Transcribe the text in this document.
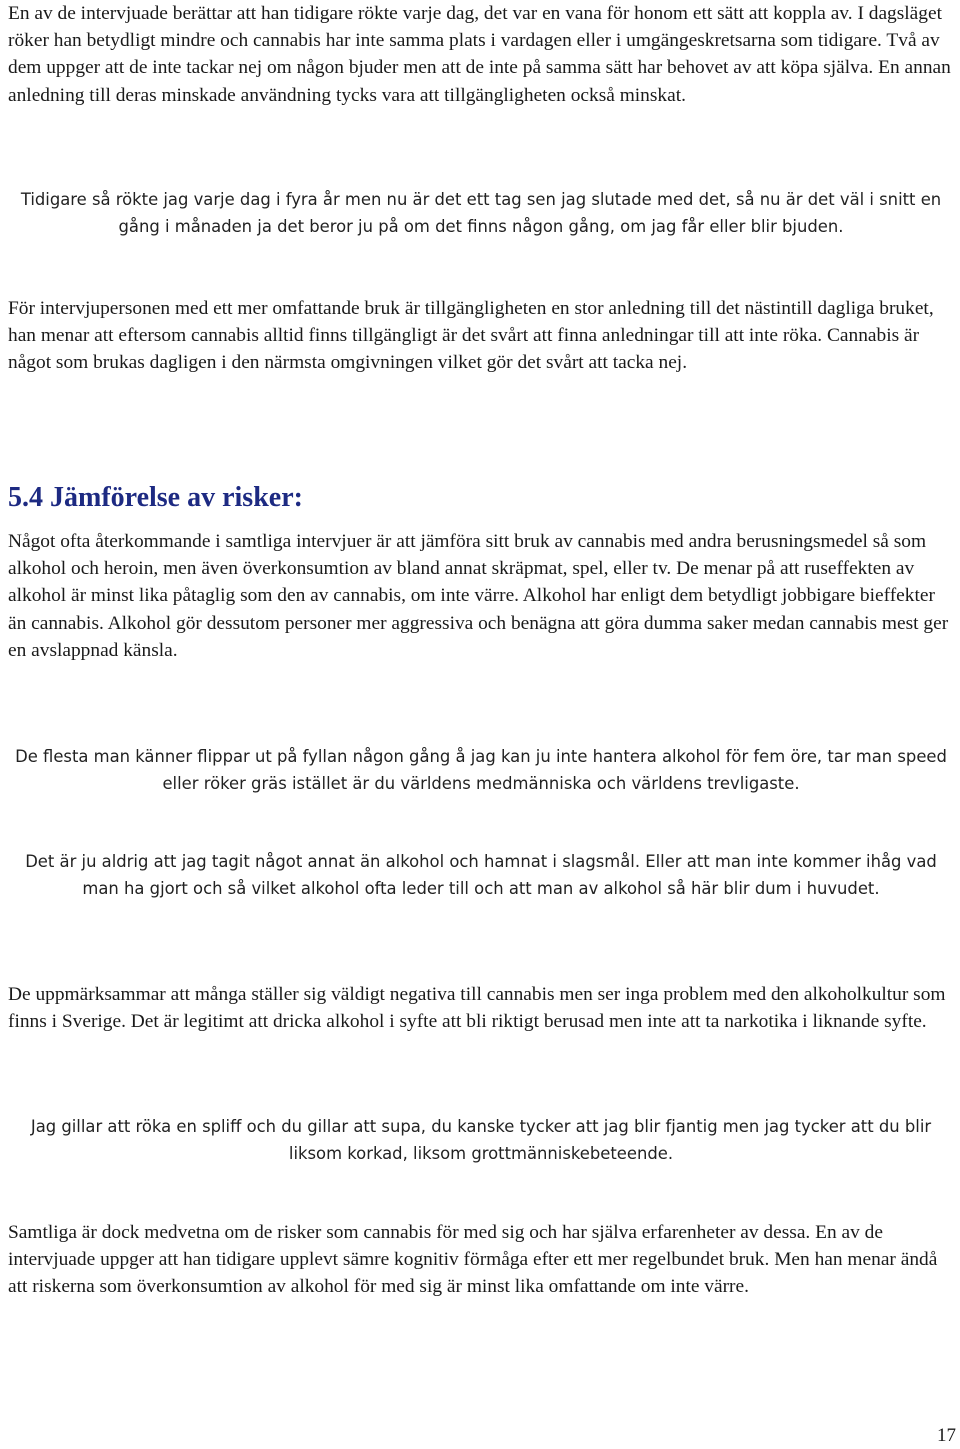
En av de intervjuade berättar att han tidigare rökte varje dag, det var en vana för honom ett sätt att koppla av. I dagsläget röker han betydligt mindre och cannabis har inte samma plats i vardagen eller i umgängeskretsarna som tidigare. Två av dem uppger att de inte tackar nej om någon bjuder men att de inte på samma sätt har behovet av att köpa själva. En annan anledning till deras minskade användning tycks vara att tillgängligheten också minskat.

Tidigare så rökte jag varje dag i fyra år men nu är det ett tag sen jag slutade med det, så nu är det väl i snitt en gång i månaden ja det beror ju på om det finns någon gång, om jag får eller blir bjuden.

För intervjupersonen med ett mer omfattande bruk är tillgängligheten en stor anledning till det nästintill dagliga bruket, han menar att eftersom cannabis alltid finns tillgängligt är det svårt att finna anledningar till att inte röka. Cannabis är något som brukas dagligen i den närmsta omgivningen vilket gör det svårt att tacka nej.

5.4 Jämförelse av risker:

Något ofta återkommande i samtliga intervjuer är att jämföra sitt bruk av cannabis med andra berusningsmedel så som alkohol och heroin, men även överkonsumtion av bland annat skräpmat, spel, eller tv. De menar på att ruseffekten av alkohol är minst lika påtaglig som den av cannabis, om inte värre. Alkohol har enligt dem betydligt jobbigare bieffekter än cannabis. Alkohol gör dessutom personer mer aggressiva och benägna att göra dumma saker medan cannabis mest ger en avslappnad känsla.

De flesta man känner flippar ut på fyllan någon gång å jag kan ju inte hantera alkohol för fem öre, tar man speed eller röker gräs istället är du världens medmänniska och världens trevligaste.

Det är ju aldrig att jag tagit något annat än alkohol och hamnat i slagsmål. Eller att man inte kommer ihåg vad man ha gjort och så vilket alkohol ofta leder till och att man av alkohol så här blir dum i huvudet.

De uppmärksammar att många ställer sig väldigt negativa till cannabis men ser inga problem med den alkoholkultur som finns i Sverige. Det är legitimt att dricka alkohol i syfte att bli riktigt berusad men inte att ta narkotika i liknande syfte.

Jag gillar att röka en spliff och du gillar att supa, du kanske tycker att jag blir fjantig men jag tycker att du blir liksom korkad, liksom grottmänniskebeteende.

Samtliga är dock medvetna om de risker som cannabis för med sig och har själva erfarenheter av dessa. En av de intervjuade uppger att han tidigare upplevt sämre kognitiv förmåga efter ett mer regelbundet bruk. Men han menar ändå att riskerna som överkonsumtion av alkohol för med sig är minst lika omfattande om inte värre.

17
